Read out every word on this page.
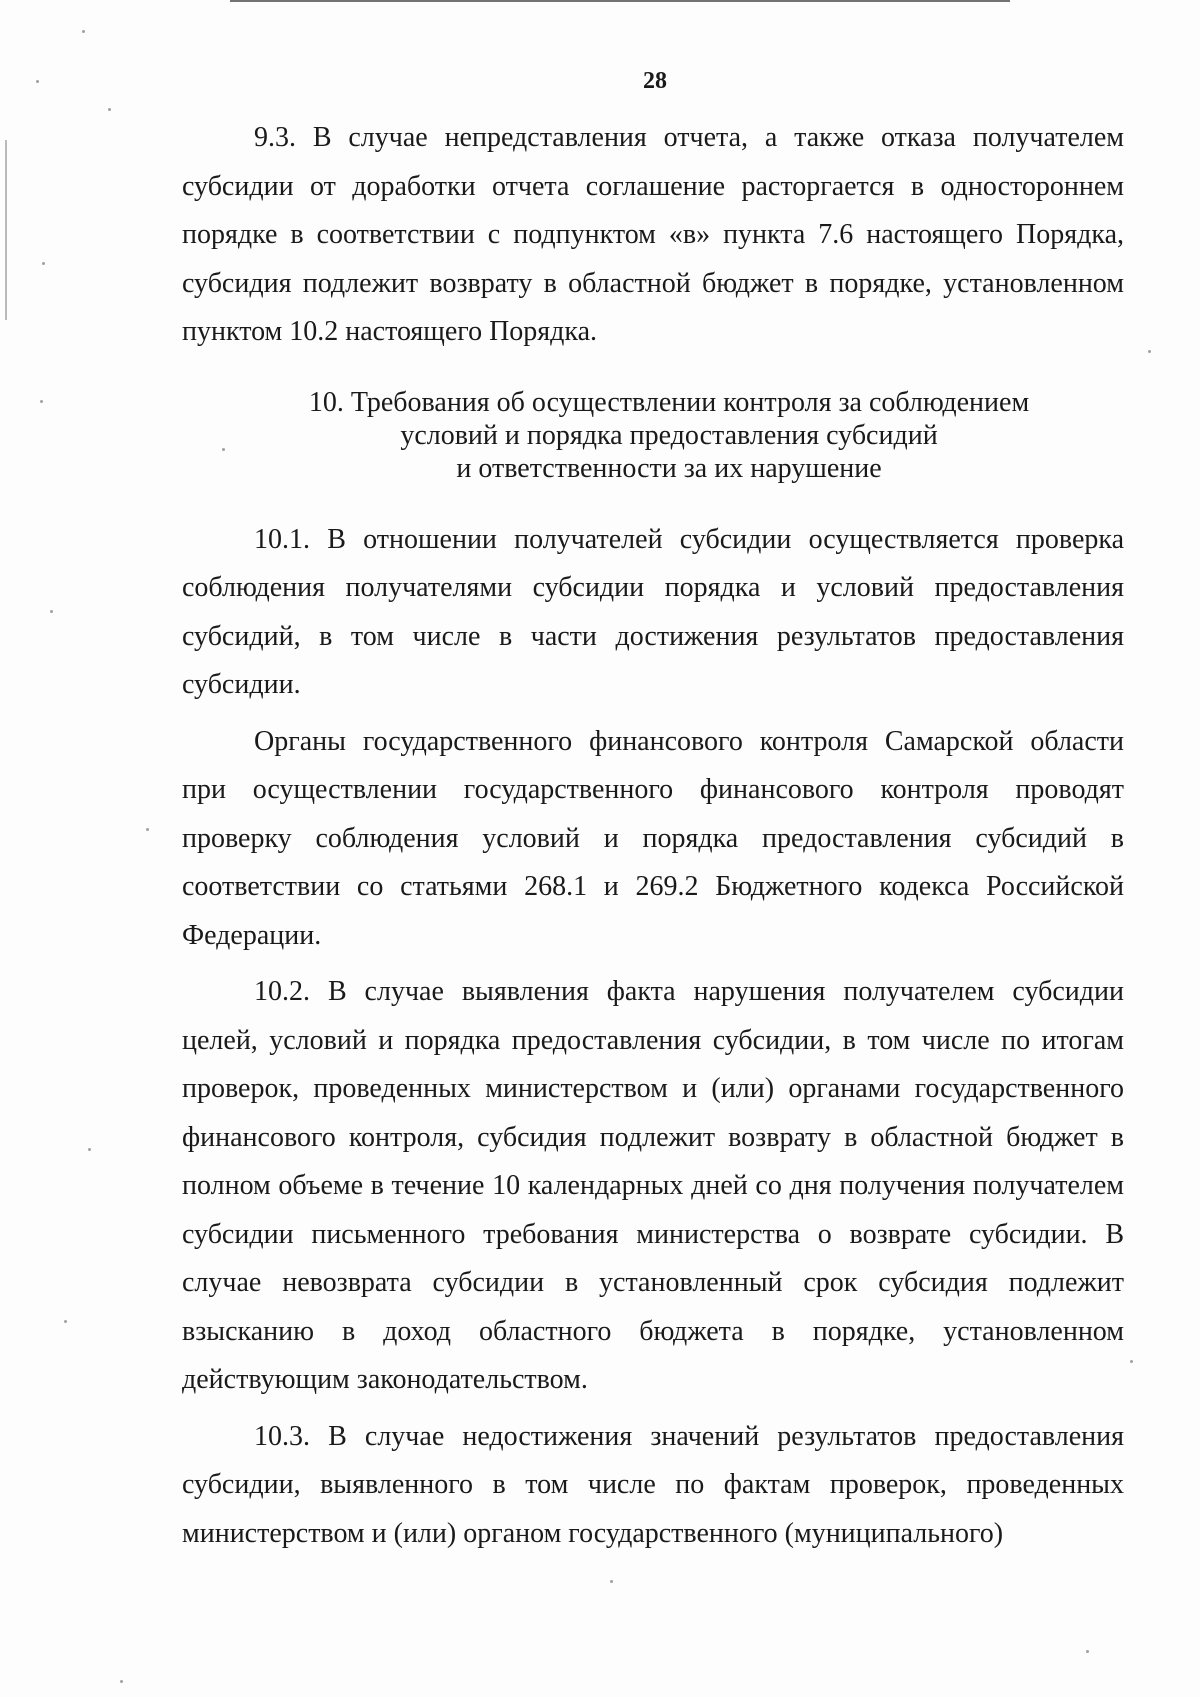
28

9.3. В случае непредставления отчета, а также отказа получателем субсидии от доработки отчета соглашение расторгается в одностороннем порядке в соответствии с подпунктом «в» пункта 7.6 настоящего Порядка, субсидия подлежит возврату в областной бюджет в порядке, установленном пунктом 10.2 настоящего Порядка.

10. Требования об осуществлении контроля за соблюдением
условий и порядка предоставления субсидий
и ответственности за их нарушение

10.1. В отношении получателей субсидии осуществляется проверка соблюдения получателями субсидии порядка и условий предоставления субсидий, в том числе в части достижения результатов предоставления субсидии.

Органы государственного финансового контроля Самарской области при осуществлении государственного финансового контроля проводят проверку соблюдения условий и порядка предоставления субсидий в соответствии со статьями 268.1 и 269.2 Бюджетного кодекса Российской Федерации.

10.2. В случае выявления факта нарушения получателем субсидии целей, условий и порядка предоставления субсидии, в том числе по итогам проверок, проведенных министерством и (или) органами государственного финансового контроля, субсидия подлежит возврату в областной бюджет в полном объеме в течение 10 календарных дней со дня получения получателем субсидии письменного требования министерства о возврате субсидии. В случае невозврата субсидии в установленный срок субсидия подлежит взысканию в доход областного бюджета в порядке, установленном действующим законодательством.

10.3. В случае недостижения значений результатов предоставления субсидии, выявленного в том числе по фактам проверок, проведенных министерством и (или) органом государственного (муниципального)
